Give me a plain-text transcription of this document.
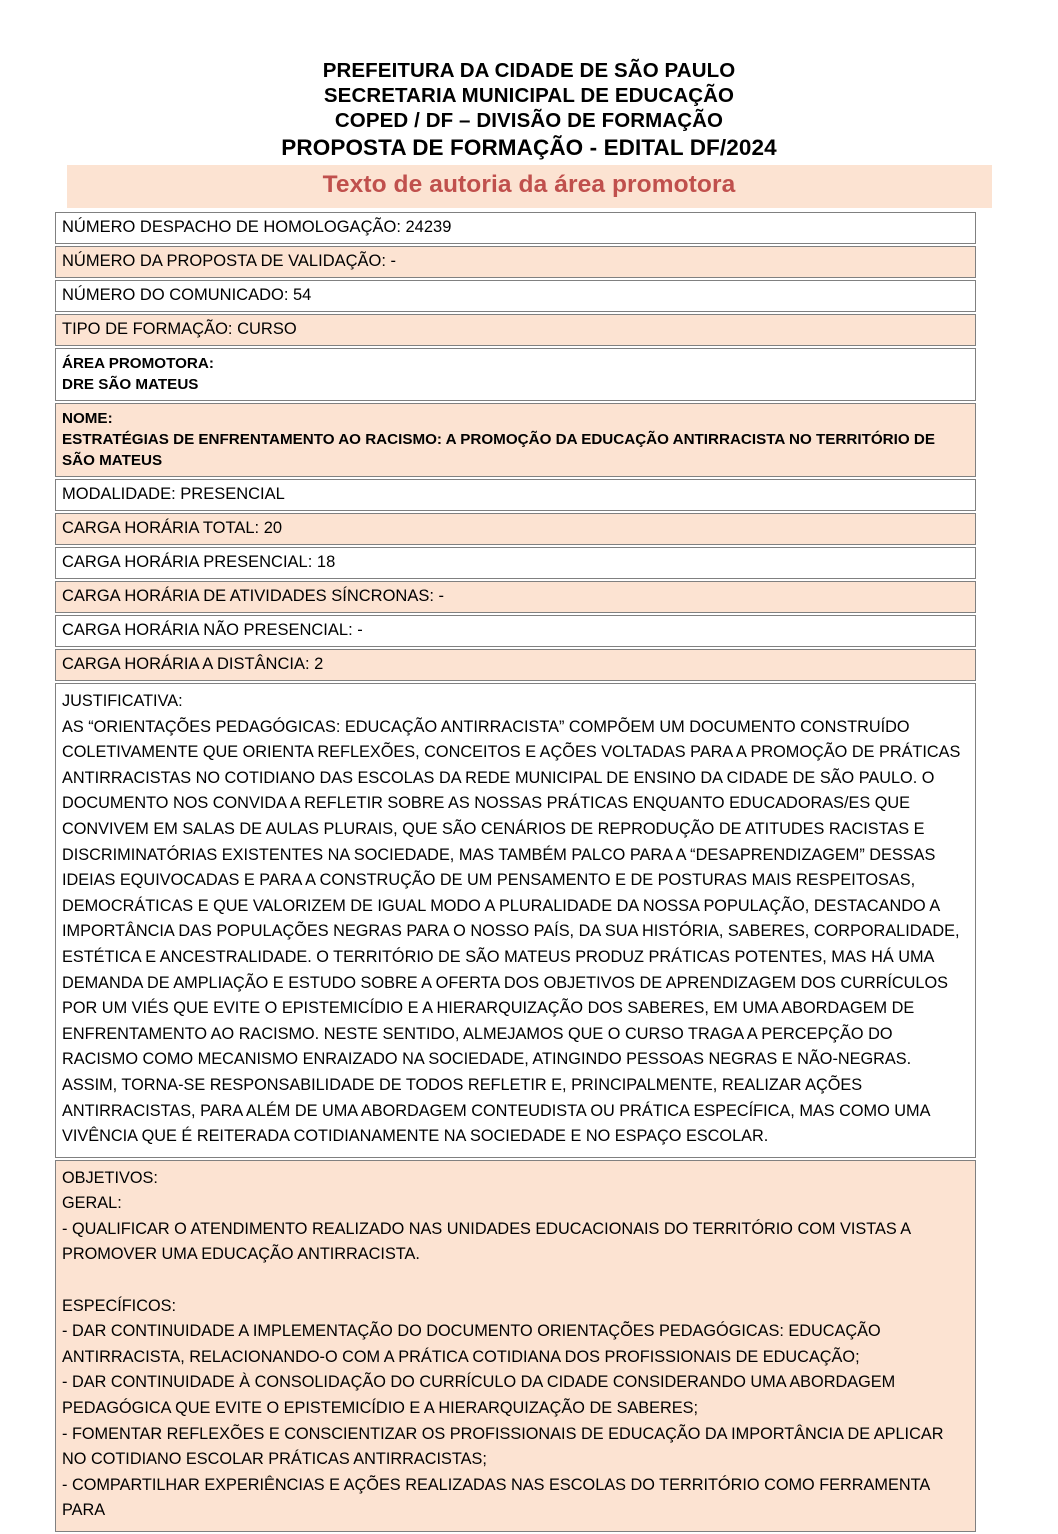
PREFEITURA DA CIDADE DE SÃO PAULO
SECRETARIA MUNICIPAL DE EDUCAÇÃO
COPED / DF – DIVISÃO DE FORMAÇÃO
PROPOSTA DE FORMAÇÃO - EDITAL DF/2024
Texto de autoria da área promotora
NÚMERO DESPACHO DE HOMOLOGAÇÃO: 24239
NÚMERO DA PROPOSTA DE VALIDAÇÃO: -
NÚMERO DO COMUNICADO: 54
TIPO DE FORMAÇÃO: CURSO

ÁREA PROMOTORA:
DRE SÃO MATEUS

NOME:
ESTRATÉGIAS DE ENFRENTAMENTO AO RACISMO: A PROMOÇÃO DA EDUCAÇÃO ANTIRRACISTA NO TERRITÓRIO DE SÃO MATEUS

MODALIDADE: PRESENCIAL
CARGA HORÁRIA TOTAL: 20
CARGA HORÁRIA PRESENCIAL: 18
CARGA HORÁRIA DE ATIVIDADES SÍNCRONAS: -
CARGA HORÁRIA NÃO PRESENCIAL: -
CARGA HORÁRIA A DISTÂNCIA: 2

JUSTIFICATIVA:
AS “ORIENTAÇÕES PEDAGÓGICAS: EDUCAÇÃO ANTIRRACISTA” COMPÕEM UM DOCUMENTO CONSTRUÍDO COLETIVAMENTE QUE ORIENTA REFLEXÕES, CONCEITOS E AÇÕES VOLTADAS PARA A PROMOÇÃO DE PRÁTICAS ANTIRRACISTAS NO COTIDIANO DAS ESCOLAS DA REDE MUNICIPAL DE ENSINO DA CIDADE DE SÃO PAULO. O DOCUMENTO NOS CONVIDA A REFLETIR SOBRE AS NOSSAS PRÁTICAS ENQUANTO EDUCADORAS/ES QUE CONVIVEM EM SALAS DE AULAS PLURAIS, QUE SÃO CENÁRIOS DE REPRODUÇÃO DE ATITUDES RACISTAS E DISCRIMINATÓRIAS EXISTENTES NA SOCIEDADE, MAS TAMBÉM PALCO PARA A “DESAPRENDIZAGEM” DESSAS IDEIAS EQUIVOCADAS E PARA A CONSTRUÇÃO DE UM PENSAMENTO E DE POSTURAS MAIS RESPEITOSAS, DEMOCRÁTICAS E QUE VALORIZEM DE IGUAL MODO A PLURALIDADE DA NOSSA POPULAÇÃO, DESTACANDO A IMPORTÂNCIA DAS POPULAÇÕES NEGRAS PARA O NOSSO PAÍS, DA SUA HISTÓRIA, SABERES, CORPORALIDADE, ESTÉTICA E ANCESTRALIDADE. O TERRITÓRIO DE SÃO MATEUS PRODUZ PRÁTICAS POTENTES, MAS HÁ UMA DEMANDA DE AMPLIAÇÃO E ESTUDO SOBRE A OFERTA DOS OBJETIVOS DE APRENDIZAGEM DOS CURRÍCULOS POR UM VIÉS QUE EVITE O EPISTEMICÍDIO E A HIERARQUIZAÇÃO DOS SABERES, EM UMA ABORDAGEM DE ENFRENTAMENTO AO RACISMO. NESTE SENTIDO, ALMEJAMOS QUE O CURSO TRAGA A PERCEPÇÃO DO RACISMO COMO MECANISMO ENRAIZADO NA SOCIEDADE, ATINGINDO PESSOAS NEGRAS E NÃO-NEGRAS. ASSIM, TORNA-SE RESPONSABILIDADE DE TODOS REFLETIR E, PRINCIPALMENTE, REALIZAR AÇÕES ANTIRRACISTAS, PARA ALÉM DE UMA ABORDAGEM CONTEUDISTA OU PRÁTICA ESPECÍFICA, MAS COMO UMA VIVÊNCIA QUE É REITERADA COTIDIANAMENTE NA SOCIEDADE E NO ESPAÇO ESCOLAR.

OBJETIVOS:
GERAL:
- QUALIFICAR O ATENDIMENTO REALIZADO NAS UNIDADES EDUCACIONAIS DO TERRITÓRIO COM VISTAS A PROMOVER UMA EDUCAÇÃO ANTIRRACISTA.
ESPECÍFICOS:
- DAR CONTINUIDADE A IMPLEMENTAÇÃO DO DOCUMENTO ORIENTAÇÕES PEDAGÓGICAS: EDUCAÇÃO ANTIRRACISTA, RELACIONANDO-O COM A PRÁTICA COTIDIANA DOS PROFISSIONAIS DE EDUCAÇÃO;
- DAR CONTINUIDADE À CONSOLIDAÇÃO DO CURRÍCULO DA CIDADE CONSIDERANDO UMA ABORDAGEM PEDAGÓGICA QUE EVITE O EPISTEMICÍDIO E A HIERARQUIZAÇÃO DE SABERES;
- FOMENTAR REFLEXÕES E CONSCIENTIZAR OS PROFISSIONAIS DE EDUCAÇÃO DA IMPORTÂNCIA DE APLICAR NO COTIDIANO ESCOLAR PRÁTICAS ANTIRRACISTAS;
- COMPARTILHAR EXPERIÊNCIAS E AÇÕES REALIZADAS NAS ESCOLAS DO TERRITÓRIO COMO FERRAMENTA PARA
